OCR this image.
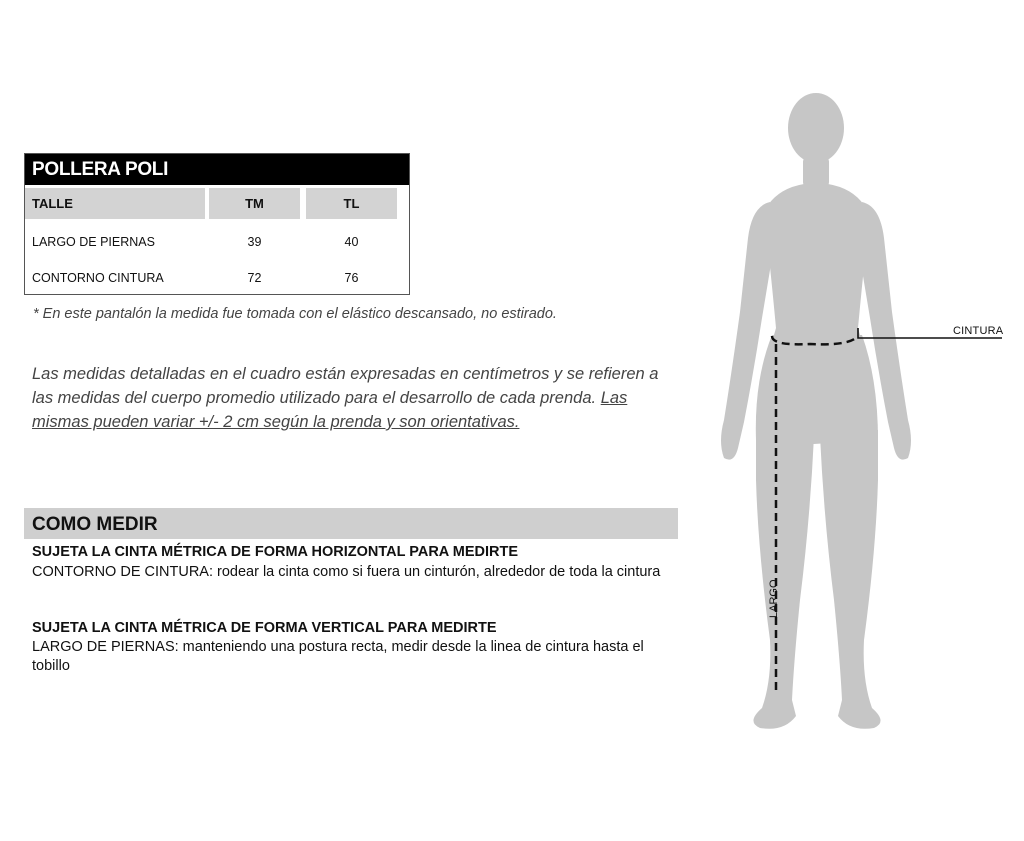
POLLERA POLI
TALLE	TM	TL
LARGO DE PIERNAS	39	40
CONTORNO CINTURA	72	76
* En este pantalón la medida fue tomada con el elástico descansado, no estirado.
Las medidas detalladas en el cuadro están expresadas en centímetros y se refieren a las medidas del cuerpo promedio utilizado para el desarrollo de cada prenda. Las mismas pueden variar +/- 2 cm según la prenda y son orientativas.
COMO MEDIR
SUJETA LA CINTA MÉTRICA DE FORMA HORIZONTAL PARA MEDIRTE
CONTORNO DE CINTURA: rodear la cinta como si fuera un cinturón, alrededor de toda la cintura
SUJETA LA CINTA MÉTRICA DE FORMA VERTICAL PARA MEDIRTE
LARGO DE PIERNAS: manteniendo una postura recta, medir desde la linea de cintura hasta el tobillo
CINTURA
LARGO
